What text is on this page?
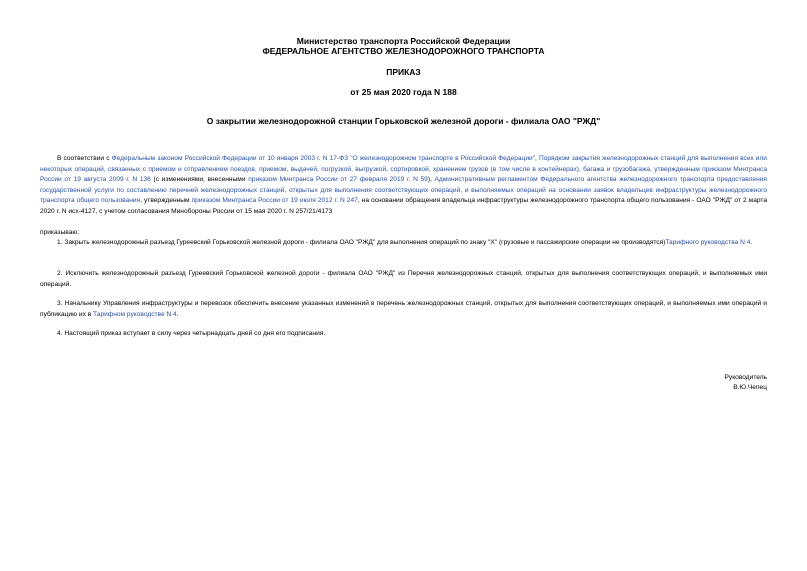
Министерство транспорта Российской Федерации
ФЕДЕРАЛЬНОЕ АГЕНТСТВО ЖЕЛЕЗНОДОРОЖНОГО ТРАНСПОРТА
ПРИКАЗ
от 25 мая 2020 года N 188
О закрытии железнодорожной станции Горьковской железной дороги - филиала ОАО "РЖД"
В соответствии с Федеральным законом Российской Федерации от 10 января 2003 г. N 17-ФЗ "О железнодорожном транспорте в Российской Федерации", Порядком закрытия железнодорожных станций для выполнения всех или некоторых операций, связанных с приемом и отправлением поездов, приемом, выдачей, погрузкой, выгрузкой, сортировкой, хранением грузов (в том числе в контейнерах), багажа и грузобагажа, утвержденным приказом Минтранса России от 19 августа 2009 г. N 136 (с изменениями, внесенными приказом Минтранса России от 27 февраля 2019 г. N 59), Административным регламентом Федерального агентства железнодорожного транспорта предоставления государственной услуги по составлению перечней железнодорожных станций, открытых для выполнения соответствующих операций, и выполняемых операций на основании заявок владельцев инфраструктуры железнодорожного транспорта общего пользования, утвержденным приказом Минтранса России от 19 июля 2012 г. N 247, на основании обращения владельца инфраструктуры железнодорожного транспорта общего пользования - ОАО "РЖД" от 2 марта 2020 г. N исх-4127, с учетом согласования Минобороны России от 15 мая 2020 г. N 257/21/4173
приказываю:
1. Закрыть железнодорожный разъезд Гуреевский Горьковской железной дороги - филиала ОАО "РЖД" для выполнения операций по знаку "X" (грузовые и пассажирские операции не производятся)Тарифного руководства N 4.
2. Исключить железнодорожный разъезд Гуреевский Горьковской железной дороги - филиала ОАО "РЖД" из Перечня железнодорожных станций, открытых для выполнения соответствующих операций, и выполняемых ими операций.
3. Начальнику Управления инфраструктуры и перевозок обеспечить внесение указанных изменений в перечень железнодорожных станций, открытых для выполнения соответствующих операций, и выполняемых ими операций и публикацию их в Тарифном руководстве N 4.
4. Настоящий приказ вступает в силу через четырнадцать дней со дня его подписания.
Руководитель
В.Ю.Чепец
